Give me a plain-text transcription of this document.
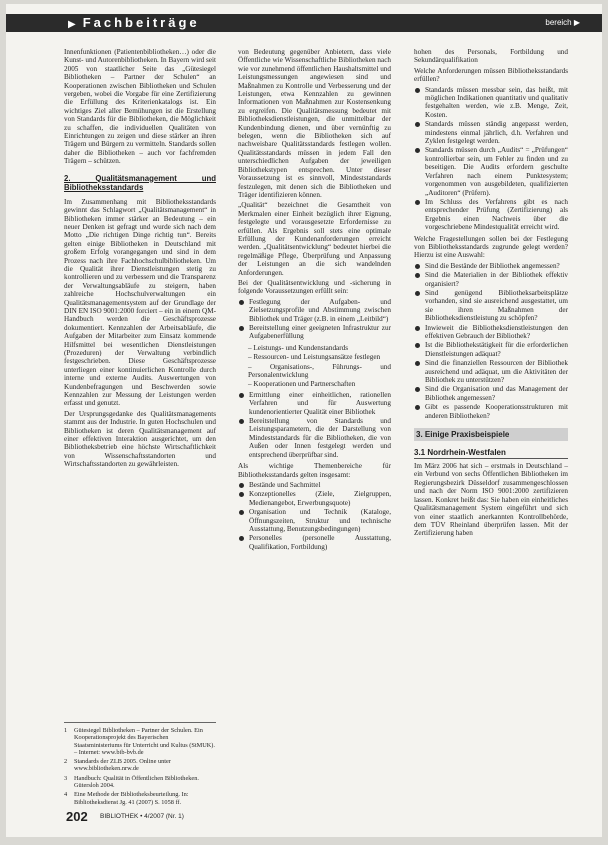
▶ Fachbeiträge	bereich ▶

Innenfunktionen (Patientenbibliotheken…) oder die Kunst- und Autorenbibliotheken. In Bayern wird seit 2005 von staatlicher Seite das „Gütesiegel Bibliotheken – Partner der Schulen“ an Kooperationen zwischen Bibliotheken und Schulen vergeben, wobei die Vorgabe für eine Zertifizierung die Erfüllung des Kriterienkatalogs ist. Ein wichtiges Ziel aller Bemühungen ist die Erstellung von Standards für die Bibliotheken, die Möglichkeit zu schaffen, die individuellen Qualitäten von Einrichtungen zu zeigen und diese stärker an ihren Trägern und Bürgern zu vermitteln. Standards sollen daher die Bibliotheken – auch vor fachfremden Trägern – schützen.

2. Qualitätsmanagement und Bibliotheksstandards

Im Zusammenhang mit Bibliotheksstandards gewinnt das Schlagwort „Qualitätsmanagement“ in Bibliotheken immer stärker an Bedeutung – ein neuer Denken ist gefragt und wurde sich nach dem Motto „Die richtigen Dinge richtig tun“. Bereits gelten einige Bibliotheken in Deutschland mit großem Erfolg vorangegangen und sind in dem Prozess nach ihre Fachhochschulbibliotheken. Um die Qualität ihrer Dienstleistungen stetig zu kontrollieren und zu verbessern und die Transparenz der Verwaltungsabläufe zu steigern, haben zahlreiche Hochschulverwaltungen ein Qualitätsmanagementsystem auf der Grundlage der DIN EN ISO 9001:2000 forciert – ein in einem QM-Handbuch werden die Geschäftsprozesse dokumentiert. Kennzahlen der Arbeitsabläufe, die Aufgaben der Mitarbeiter zum Einsatz kommende Hilfsmittel bei wesentlichen Dienstleistungen (Prozeduren) der Verwaltung verbindlich festgeschrieben. Diese Geschäftsprozesse unterliegen einer kontinuierlichen Kontrolle durch interne und externe Audits. Auswertungen von Kundenbefragungen und Beschwerden sowie Kennzahlen zur Messung der Leistungen werden erfasst und genutzt.

Der Ursprungsgedanke des Qualitätsmanagements stammt aus der Industrie. In guten Hochschulen und Bibliotheken ist deren Qualitätsmanagement auf einer effektiven Interaktion ausgerichtet, um den Bibliotheksbetrieb eine höchste Wirtschaftlichkeit von Wissenschaftsstandorten und Wirtschaftsstandorten zu gewährleisten.

von Bedeutung gegenüber Anbietern, dass viele Öffentliche wie Wissenschaftliche Bibliotheken nach wie vor zunehmend öffentlichen Haushaltsmittel und Leistungsmessungen angewiesen sind und Maßnahmen zu Kontrolle und Verbesserung und der Leistungen, etwa Kennzahlen zu gewinnen Informationen von Maßnahmen zur Kostensenkung zu ergreifen. Die Qualitätsmessung bedeutet mit Bibliotheksdienstleistungen, die unmittelbar der Kundenbindung dienen, und über vernünftig zu belegen, wenn die Bibliotheken sich auf nachweisbare Qualitätsstandards festlegen wollen. Qualitätsstandards müssen in jedem Fall den unterschiedlichen Aufgaben der jeweiligen Bibliothekstypen entsprechen. Unter dieser Voraussetzung ist es sinnvoll, Mindeststandards festzulegen, mit denen sich die Bibliotheken und Träger identifizieren können.

„Qualität“ bezeichnet die Gesamtheit von Merkmalen einer Einheit bezüglich ihrer Eignung, festgelegte und vorausgesetzte Erfordernisse zu erfüllen. Als Ergebnis soll stets eine optimale Erfüllung der Kundenanforderungen erreicht werden. „Qualitätsentwicklung“ bedeutet hierbei die regelmäßige Pflege, Überprüfung und Anpassung der Leistungen an die sich wandelnden Anforderungen.

Bei der Qualitätsentwicklung und -sicherung in folgende Voraussetzungen erfüllt sein:

Festlegung der Aufgaben- und Zielsetzungsprofile und Abstimmung zwischen Bibliothek und Träger (z.B. in einem „Leitbild“)
Bereitstellung einer geeigneten Infrastruktur zur Aufgabenerfüllung
– Leistungs- und Kundenstandards
– Ressourcen- und Leistungsansätze festlegen
– Organisations-, Führungs- und Personalentwicklung
– Kooperationen und Partnerschaften
Ermittlung einer einheitlichen, rationellen Verfahren und für Auswertung kundenorientierter Qualität einer Bibliothek
Bereitstellung von Standards und Leistungsparametern, die der Darstellung von Mindeststandards für die Bibliotheken, die von Außen oder Innen festgelegt werden und entsprechend überprüfbar sind.

Als wichtige Themenbereiche für Bibliotheksstandards gelten insgesamt:

Bestände und Sachmittel
Konzeptionelles (Ziele, Zielgruppen, Medienangebot, Erwerbungsquote)
Organisation und Technik (Kataloge, Öffnungszeiten, Struktur und technische Ausstattung, Benutzungsbedingungen)
Personelles (personelle Ausstattung, Qualifikation, Fortbildung)

hohen des Personals, Fortbildung und Sekundärqualifikation

Welche Anforderungen müssen Bibliotheksstandards erfüllen?

Standards müssen messbar sein, das heißt, mit möglichen Indikationen quantitativ und qualitativ festgehalten werden, wie z.B. Menge, Zeit, Kosten.
Standards müssen ständig angepasst werden, mindestens einmal jährlich, d.h. Verfahren und Zyklen festgelegt werden.
Standards müssen durch „Audits“ = „Prüfungen“ kontrollierbar sein, um Fehler zu finden und zu beseitigen. Die Audits erfordern geschulte Verfahren nach einem Punktesystem; vorgenommen von ausgebildeten, qualifizierten „Auditoren“ (Prüfern).
Im Schluss des Verfahrens gibt es nach entsprechender Prüfung (Zertifizierung) als Ergebnis einen Nachweis über die vorgeschriebene Mindestqualität erreicht wird.

Welche Fragestellungen sollen bei der Festlegung von Bibliotheksstandards zugrunde gelegt werden? Hierzu ist eine Auswahl:

Sind die Bestände der Bibliothek angemessen?
Sind die Materialien in der Bibliothek effektiv organisiert?
Sind genügend Bibliotheksarbeitsplätze vorhanden, sind sie ausreichend ausgestattet, um sie ihren Maßnahmen der Bibliotheksdienstleistung zu schöpfen?
Inwieweit die Bibliotheksdienstleistungen den effektiven Gebrauch der Bibliothek?
Ist die Bibliothekstätigkeit für die erforderlichen Dienstleistungen adäquat?
Sind die finanziellen Ressourcen der Bibliothek ausreichend und adäquat, um die Aktivitäten der Bibliothek zu unterstützen?
Sind die Organisation und das Management der Bibliothek angemessen?
Gibt es passende Kooperationsstrukturen mit anderen Bibliotheken?
3. Einige Praxisbeispiele
3.1 Nordrhein-Westfalen

Im März 2006 hat sich – erstmals in Deutschland – ein Verbund von sechs Öffentlichen Bibliotheken im Regierungsbezirk Düsseldorf zusammengeschlossen und nach der Norm ISO 9001:2000 zertifizieren lassen. Konkret heißt das: Sie haben ein einheitliches Qualitätsmanagement System eingeführt und sich von einer staatlich anerkannten Kontrollbehörde, dem TÜV Rheinland überprüfen lassen. Mit der Zertifizierung haben

1	Gütesiegel Bibliotheken – Partner der Schulen. Ein Kooperationsprojekt des Bayerischen Staatsministeriums für Unterricht und Kultus (StMUK). – Internet: www.bib-bvb.de
2	Standards der ZLB 2005. Online unter www.bibliotheken.nrw.de
3	Handbuch: Qualität in Öffentlichen Bibliotheken. Gütersloh 2004.
4	Eine Methode der Bibliotheksbeurteilung. In: Bibliotheksdienst Jg. 41 (2007) S. 1058 ff.
202 BIBLIOTHEK • 4/2007 (Nr. 1)
